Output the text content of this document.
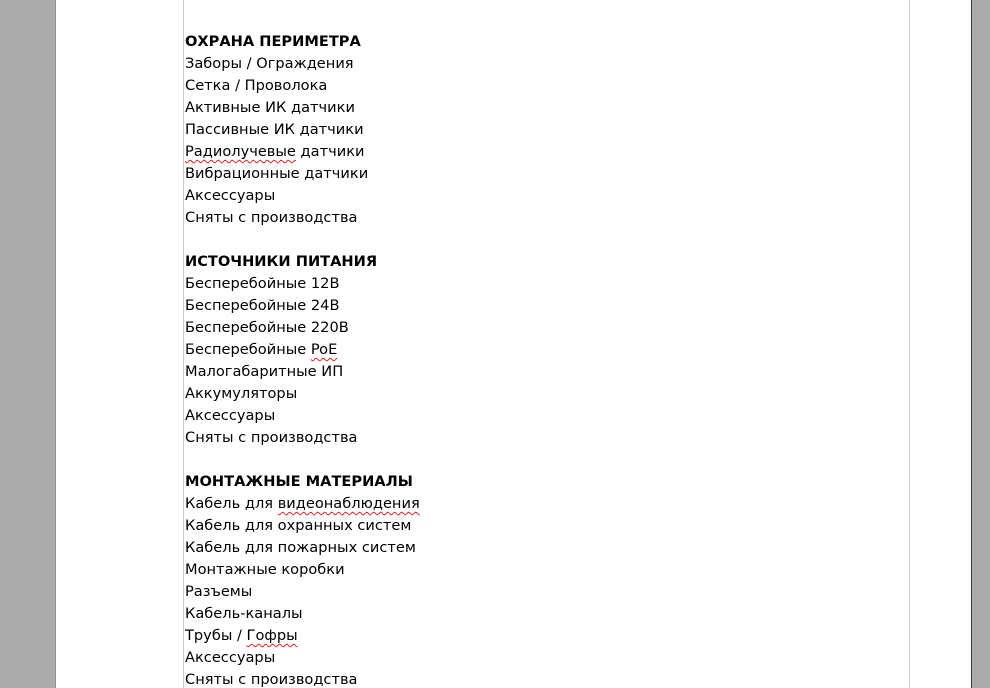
ОХРАНА ПЕРИМЕТРА
Заборы / Ограждения
Сетка / Проволока
Активные ИК датчики
Пассивные ИК датчики
Радиолучевые датчики
Вибрационные датчики
Аксессуары
Сняты с производства
ИСТОЧНИКИ ПИТАНИЯ
Бесперебойные 12В
Бесперебойные 24В
Бесперебойные 220В
Бесперебойные PoE
Малогабаритные ИП
Аккумуляторы
Аксессуары
Сняты с производства
МОНТАЖНЫЕ МАТЕРИАЛЫ
Кабель для видеонаблюдения
Кабель для охранных систем
Кабель для пожарных систем
Монтажные коробки
Разъемы
Кабель-каналы
Трубы / Гофры
Аксессуары
Сняты с производства
